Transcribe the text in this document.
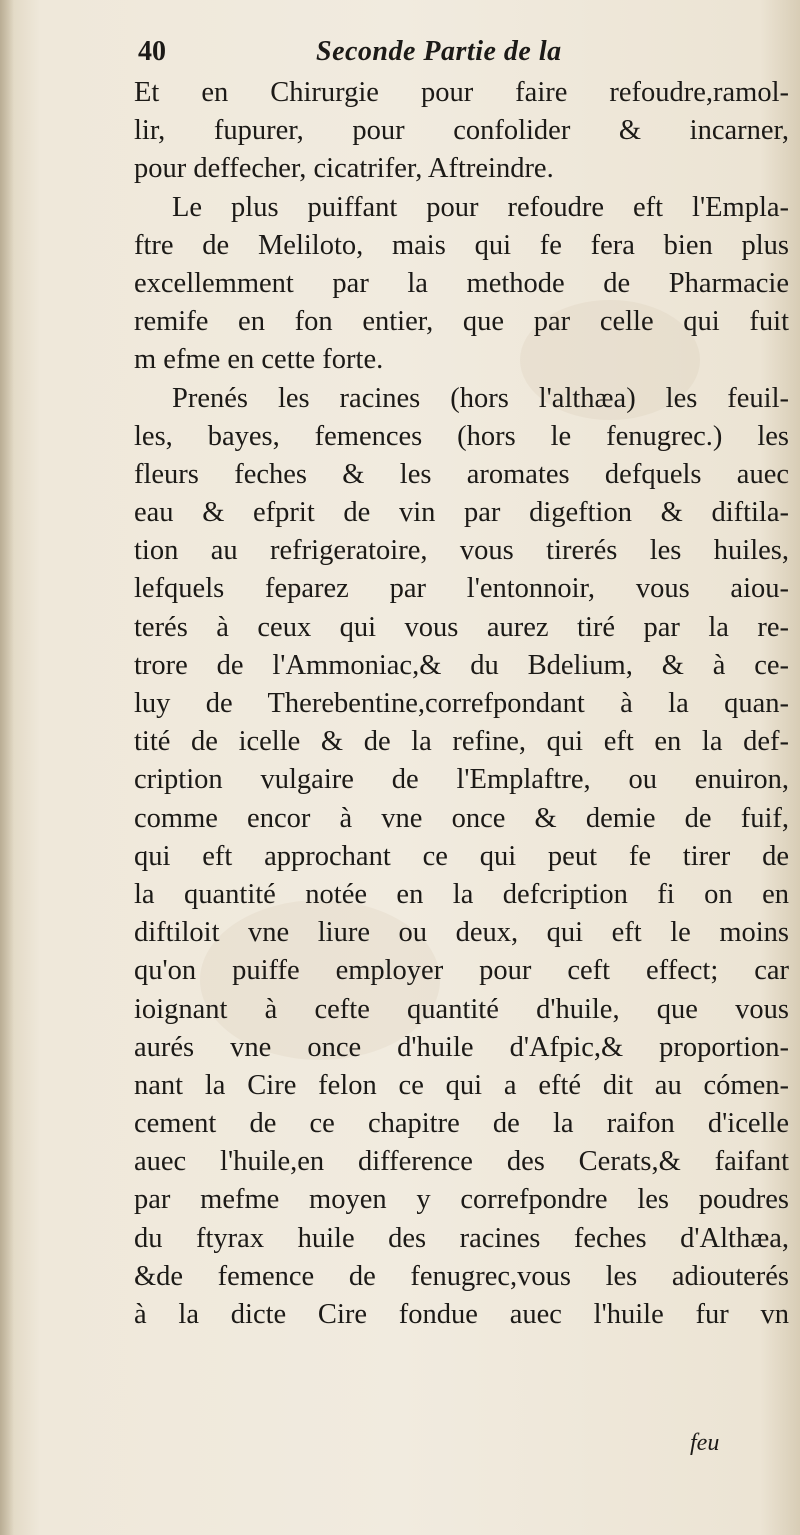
40	Seconde Partie de la
Et en Chirurgie pour faire refoudre,ramol-
lir, fupurer, pour confolider & incarner,
pour deffecher, cicatrifer, Aftreindre.
Le plus puiffant pour refoudre eft l'Empla-
ftre de Meliloto, mais qui fe fera bien plus
excellemment par la methode de Pharmacie
remife en fon entier, que par celle qui fuit
m efme en cette forte.
Prenés les racines (hors l'althæa) les feuil-
les, bayes, femences (hors le fenugrec.) les
fleurs feches & les aromates defquels auec
eau & efprit de vin par digeftion & diftila-
tion au refrigeratoire, vous tirerés les huiles,
lefquels feparez par l'entonnoir, vous aiou-
terés à ceux qui vous aurez tiré par la re-
trore de l'Ammoniac,& du Bdelium, & à ce-
luy de Therebentine,correfpondant à la quan-
tité de icelle & de la refine, qui eft en la def-
cription vulgaire de l'Emplaftre, ou enuiron,
comme encor à vne once & demie de fuif,
qui eft approchant ce qui peut fe tirer de
la quantité notée en la defcription fi on en
diftiloit vne liure ou deux, qui eft le moins
qu'on puiffe employer pour ceft effect; car
ioignant à cefte quantité d'huile, que vous
aurés vne once d'huile d'Afpic,& proportion-
nant la Cire felon ce qui a efté dit au cómen-
cement de ce chapitre de la raifon d'icelle
auec l'huile,en difference des Cerats,& faifant
par mefme moyen y correfpondre les poudres
du ftyrax huile des racines feches d'Althæa,
&de femence de fenugrec,vous les adiouterés
à la dicte Cire fondue auec l'huile fur vn
feu
